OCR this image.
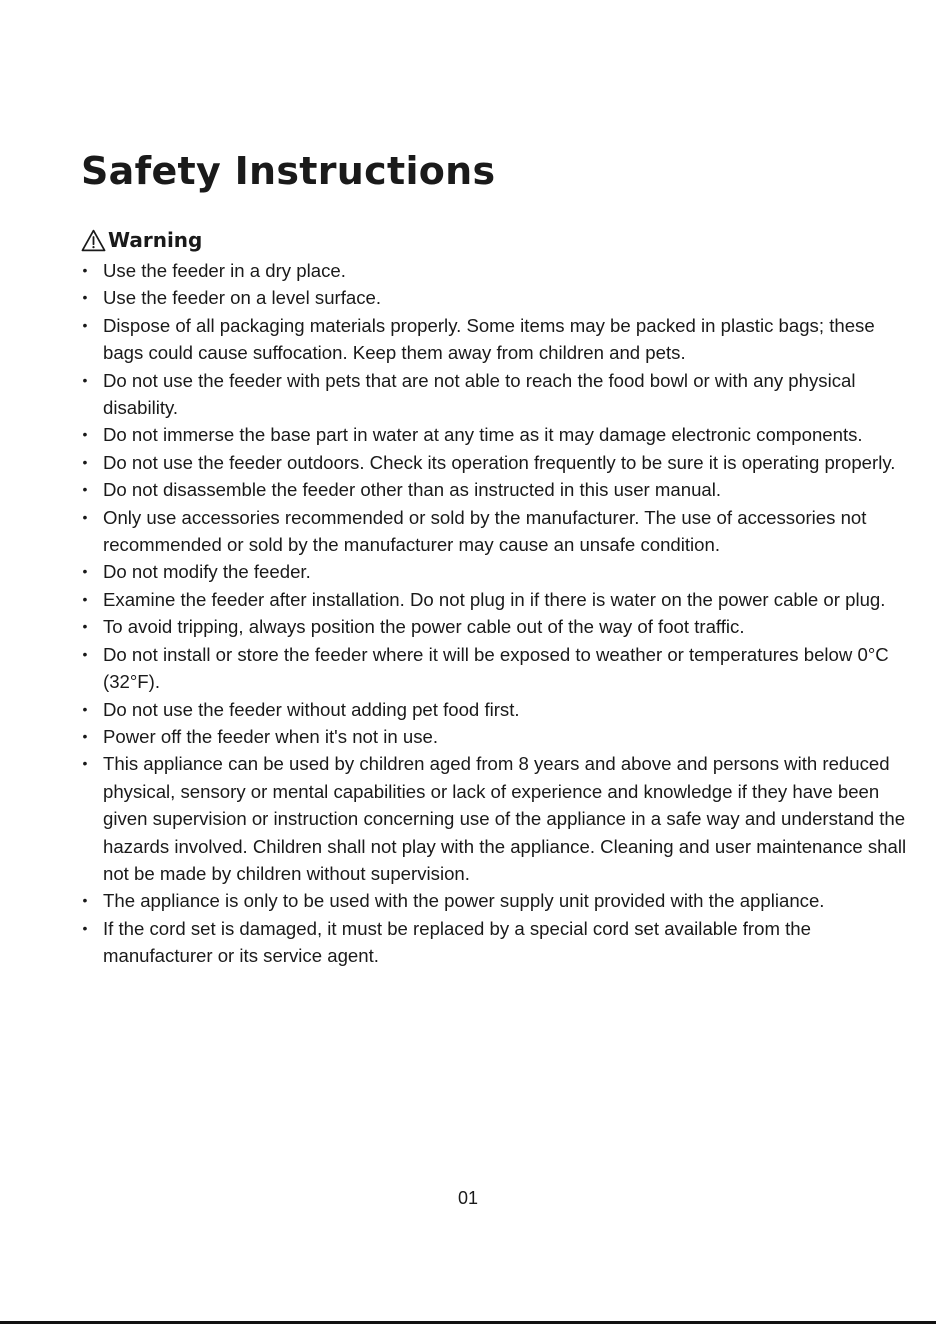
Safety Instructions
Warning
• Use the feeder in a dry place.
• Use the feeder on a level surface.
• Dispose of all packaging materials properly. Some items may be packed in plastic bags; these bags could cause suffocation. Keep them away from children and pets.
• Do not use the feeder with pets that are not able to reach the food bowl or with any physical disability.
• Do not immerse the base part in water at any time as it may damage electronic components.
• Do not use the feeder outdoors. Check its operation frequently to be sure it is operating properly.
• Do not disassemble the feeder other than as instructed in this user manual.
• Only use accessories recommended or sold by the manufacturer. The use of accessories not recommended or sold by the manufacturer may cause an unsafe condition.
• Do not modify the feeder.
• Examine the feeder after installation. Do not plug in if there is water on the power cable or plug.
• To avoid tripping, always position the power cable out of the way of foot traffic.
• Do not install or store the feeder where it will be exposed to weather or temperatures below 0°C (32°F).
• Do not use the feeder without adding pet food first.
• Power off the feeder when it's not in use.
• This appliance can be used by children aged from 8 years and above and persons with reduced physical, sensory or mental capabilities or lack of experience and knowledge if they have been given supervision or instruction concerning use of the appliance in a safe way and understand the hazards involved. Children shall not play with the appliance. Cleaning and user maintenance shall not be made by children without supervision.
• The appliance is only to be used with the power supply unit provided with the appliance.
• If the cord set is damaged, it must be replaced by a special cord set available from the manufacturer or its service agent.
01
